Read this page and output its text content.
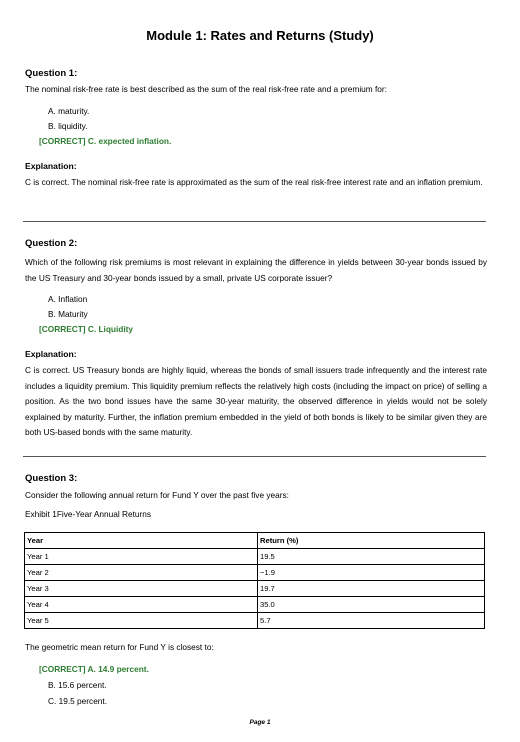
Module 1: Rates and Returns (Study)
Question 1:
The nominal risk-free rate is best described as the sum of the real risk-free rate and a premium for:
A. maturity.
B. liquidity.
[CORRECT] C. expected inflation.
Explanation:
C is correct. The nominal risk-free rate is approximated as the sum of the real risk-free interest rate and an inflation premium.
Question 2:
Which of the following risk premiums is most relevant in explaining the difference in yields between 30-year bonds issued by the US Treasury and 30-year bonds issued by a small, private US corporate issuer?
A. Inflation
B. Maturity
[CORRECT] C. Liquidity
Explanation:
C is correct. US Treasury bonds are highly liquid, whereas the bonds of small issuers trade infrequently and the interest rate includes a liquidity premium. This liquidity premium reflects the relatively high costs (including the impact on price) of selling a position. As the two bond issues have the same 30-year maturity, the observed difference in yields would not be solely explained by maturity. Further, the inflation premium embedded in the yield of both bonds is likely to be similar given they are both US-based bonds with the same maturity.
Question 3:
Consider the following annual return for Fund Y over the past five years:
Exhibit 1Five-Year Annual Returns
Year	Return (%)
Year 1	19.5
Year 2	−1.9
Year 3	19.7
Year 4	35.0
Year 5	5.7
The geometric mean return for Fund Y is closest to:
[CORRECT] A. 14.9 percent.
B. 15.6 percent.
C. 19.5 percent.
Page 1
